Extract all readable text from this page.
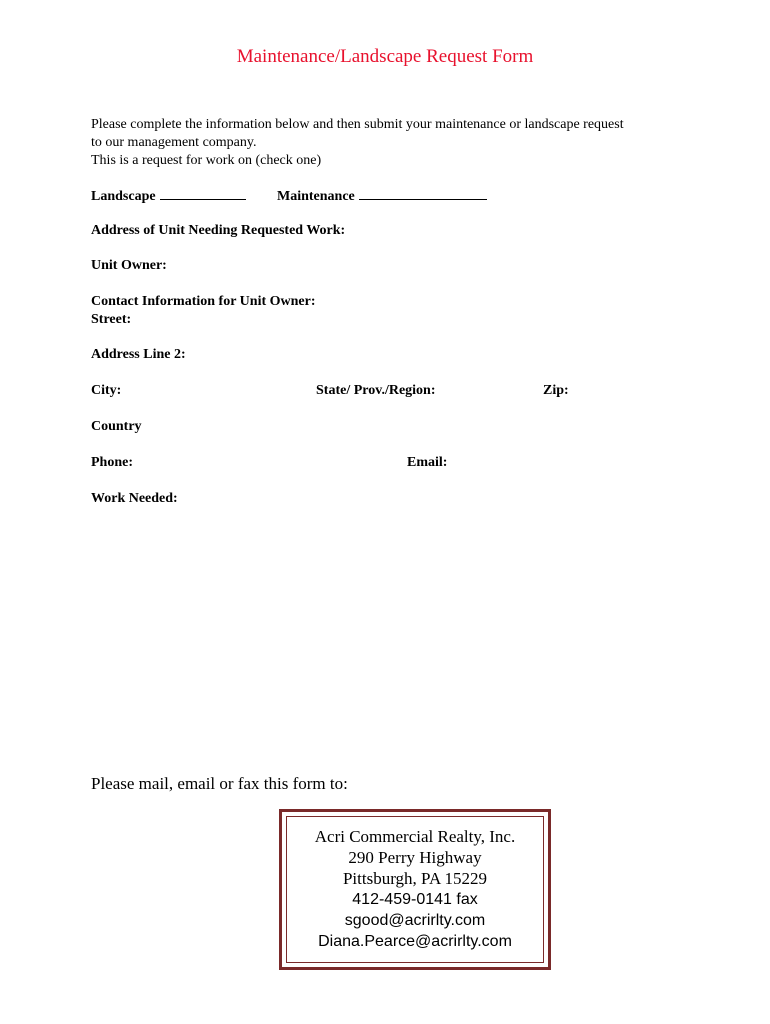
Maintenance/Landscape Request Form
Please complete the information below and then submit your maintenance or landscape request
to our management company.
This is a request for work on (check one)
Landscape	Maintenance
Address of Unit Needing Requested Work:
Unit Owner:
Contact Information for Unit Owner:
Street:
Address Line 2:
City:	State/ Prov./Region:	Zip:
Country
Phone:	Email:
Work Needed:
Please mail, email or fax this form to:
Acri Commercial Realty, Inc.
290 Perry Highway
Pittsburgh, PA 15229
412-459-0141 fax
sgood@acrirlty.com
Diana.Pearce@acrirlty.com
